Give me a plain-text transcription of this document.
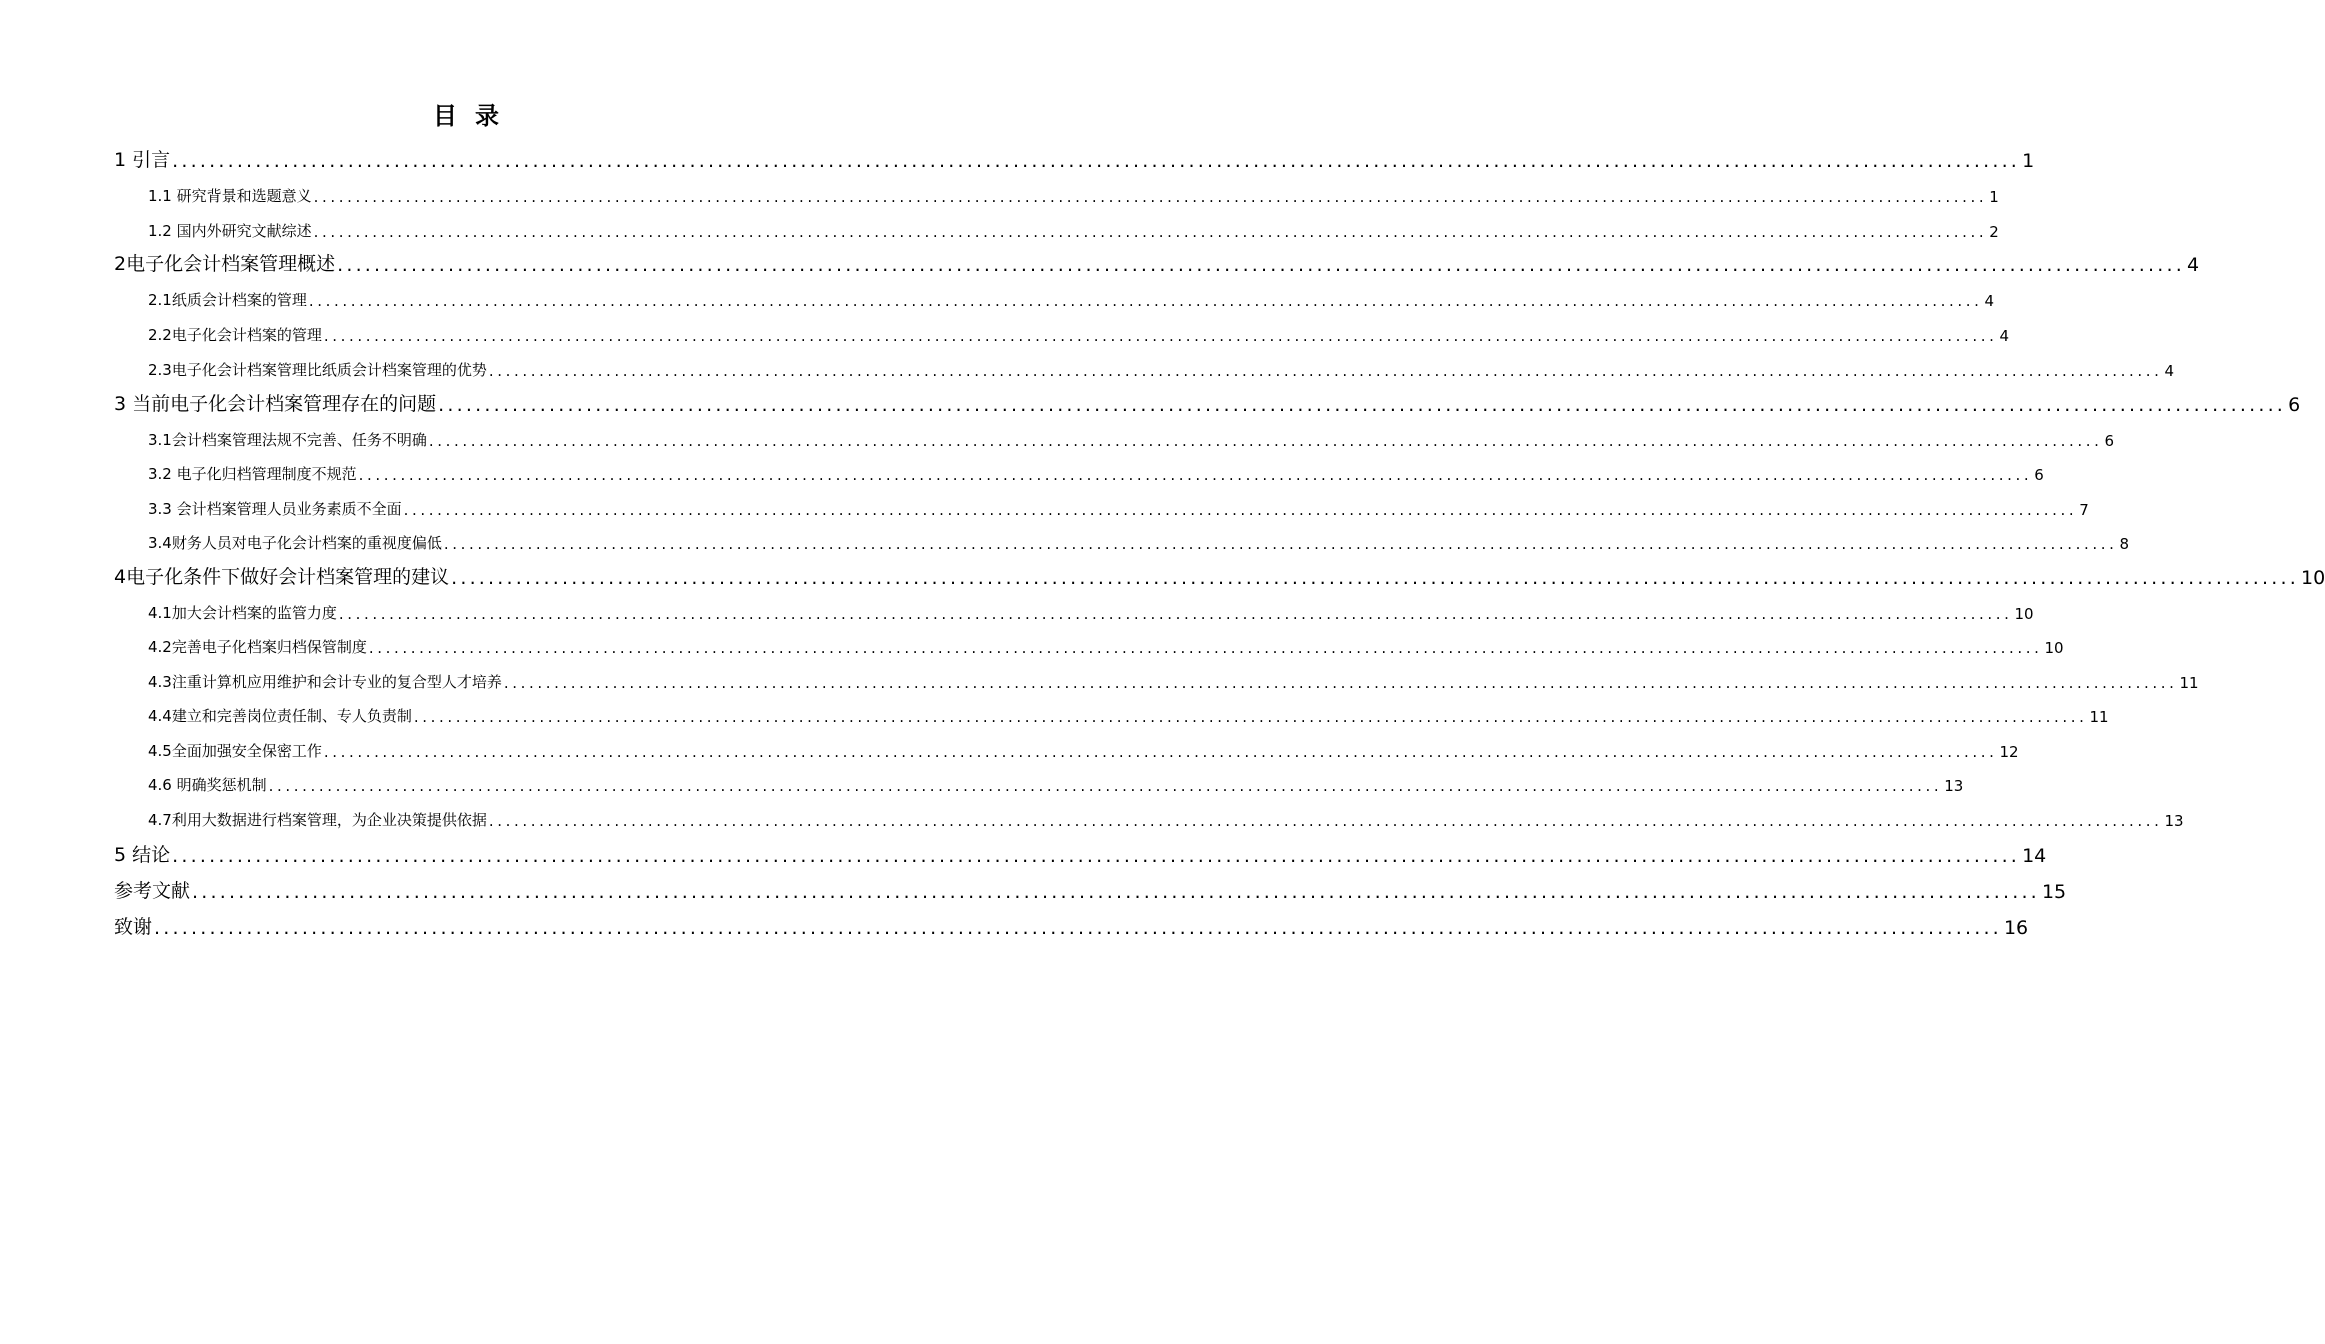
目录
1 引言 ........................................................................................................................................................................................................ 1
1.1 研究背景和选题意义 ........................................................................................................................................................................................................ 1
1.2 国内外研究文献综述 ........................................................................................................................................................................................................ 2
2电子化会计档案管理概述 ........................................................................................................................................................................................................ 4
2.1纸质会计档案的管理 ........................................................................................................................................................................................................ 4
2.2电子化会计档案的管理 ........................................................................................................................................................................................................ 4
2.3电子化会计档案管理比纸质会计档案管理的优势 ........................................................................................................................................................................................................ 4
3 当前电子化会计档案管理存在的问题 ........................................................................................................................................................................................................ 6
3.1会计档案管理法规不完善、任务不明确 ........................................................................................................................................................................................................ 6
3.2 电子化归档管理制度不规范 ........................................................................................................................................................................................................ 6
3.3 会计档案管理人员业务素质不全面 ........................................................................................................................................................................................................ 7
3.4财务人员对电子化会计档案的重视度偏低 ........................................................................................................................................................................................................ 8
4电子化条件下做好会计档案管理的建议 ........................................................................................................................................................................................................ 10
4.1加大会计档案的监管力度 ........................................................................................................................................................................................................ 10
4.2完善电子化档案归档保管制度 ........................................................................................................................................................................................................ 10
4.3注重计算机应用维护和会计专业的复合型人才培养 ........................................................................................................................................................................................................ 11
4.4建立和完善岗位责任制、专人负责制 ........................................................................................................................................................................................................ 11
4.5全面加强安全保密工作 ........................................................................................................................................................................................................ 12
4.6 明确奖惩机制 ........................................................................................................................................................................................................ 13
4.7利用大数据进行档案管理，为企业决策提供依据 ........................................................................................................................................................................................................ 13
5 结论 ........................................................................................................................................................................................................ 14
参考文献 ........................................................................................................................................................................................................ 15
致谢 ........................................................................................................................................................................................................ 16
